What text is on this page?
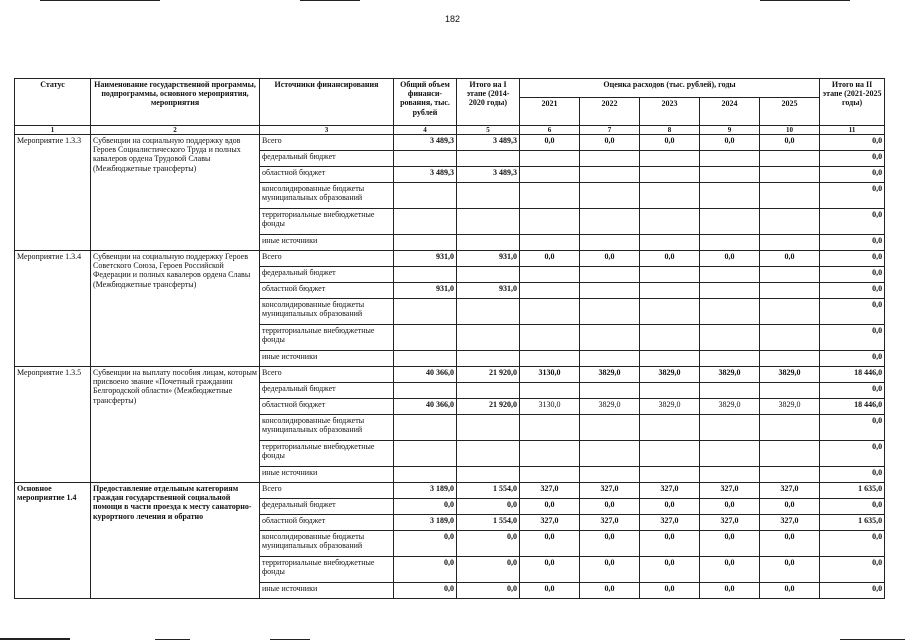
182
Статус	Наименование государственной программы, подпрограммы, основного мероприятия, мероприятия	Источники финансирования	Общий объем финанси-рования, тыс. рублей	Итого на I этапе (2014-2020 годы)	Оценка расходов (тыс. рублей), годы					Итого на II этапе (2021-2025 годы)
					2021	2022	2023	2024	2025	
1	2	3	4	5	6	7	8	9	10	11
Мероприятие 1.3.3	Субвенции на социальную поддержку вдов Героев Социалистического Труда и полных кавалеров ордена Трудовой Славы (Межбюджетные трансферты)	Всего	3 489,3	3 489,3	0,0	0,0	0,0	0,0	0,0	0,0
		федеральный бюджет								0,0
		областной бюджет	3 489,3	3 489,3						0,0
		консолидированные бюджеты муниципальных образований								0,0
		территориальные внебюджетные фонды								0,0
		иные источники								0,0
Мероприятие 1.3.4	Субвенции на социальную поддержку Героев Советского Союза, Героев Российской Федерации и полных кавалеров ордена Славы (Межбюджетные трансферты)	Всего	931,0	931,0	0,0	0,0	0,0	0,0	0,0	0,0
		федеральный бюджет								0,0
		областной бюджет	931,0	931,0						0,0
		консолидированные бюджеты муниципальных образований								0,0
		территориальные внебюджетные фонды								0,0
		иные источники								0,0
Мероприятие 1.3.5	Субвенции на выплату пособия лицам, которым присвоено звание «Почетный гражданин Белгородской области» (Межбюджетные трансферты)	Всего	40 366,0	21 920,0	3130,0	3829,0	3829,0	3829,0	3829,0	18 446,0
		федеральный бюджет								0,0
		областной бюджет	40 366,0	21 920,0	3130,0	3829,0	3829,0	3829,0	3829,0	18 446,0
		консолидированные бюджеты муниципальных образований								0,0
		территориальные внебюджетные фонды								0,0
		иные источники								0,0
Основное мероприятие 1.4	Предоставление отдельным категориям граждан государственной социальной помощи в части проезда к месту санаторно-курортного лечения и обратно	Всего	3 189,0	1 554,0	327,0	327,0	327,0	327,0	327,0	1 635,0
		федеральный бюджет	0,0	0,0	0,0	0,0	0,0	0,0	0,0	0,0
		областной бюджет	3 189,0	1 554,0	327,0	327,0	327,0	327,0	327,0	1 635,0
		консолидированные бюджеты муниципальных образований	0,0	0,0	0,0	0,0	0,0	0,0	0,0	0,0
		территориальные внебюджетные фонды	0,0	0,0	0,0	0,0	0,0	0,0	0,0	0,0
		иные источники	0,0	0,0	0,0	0,0	0,0	0,0	0,0	0,0
